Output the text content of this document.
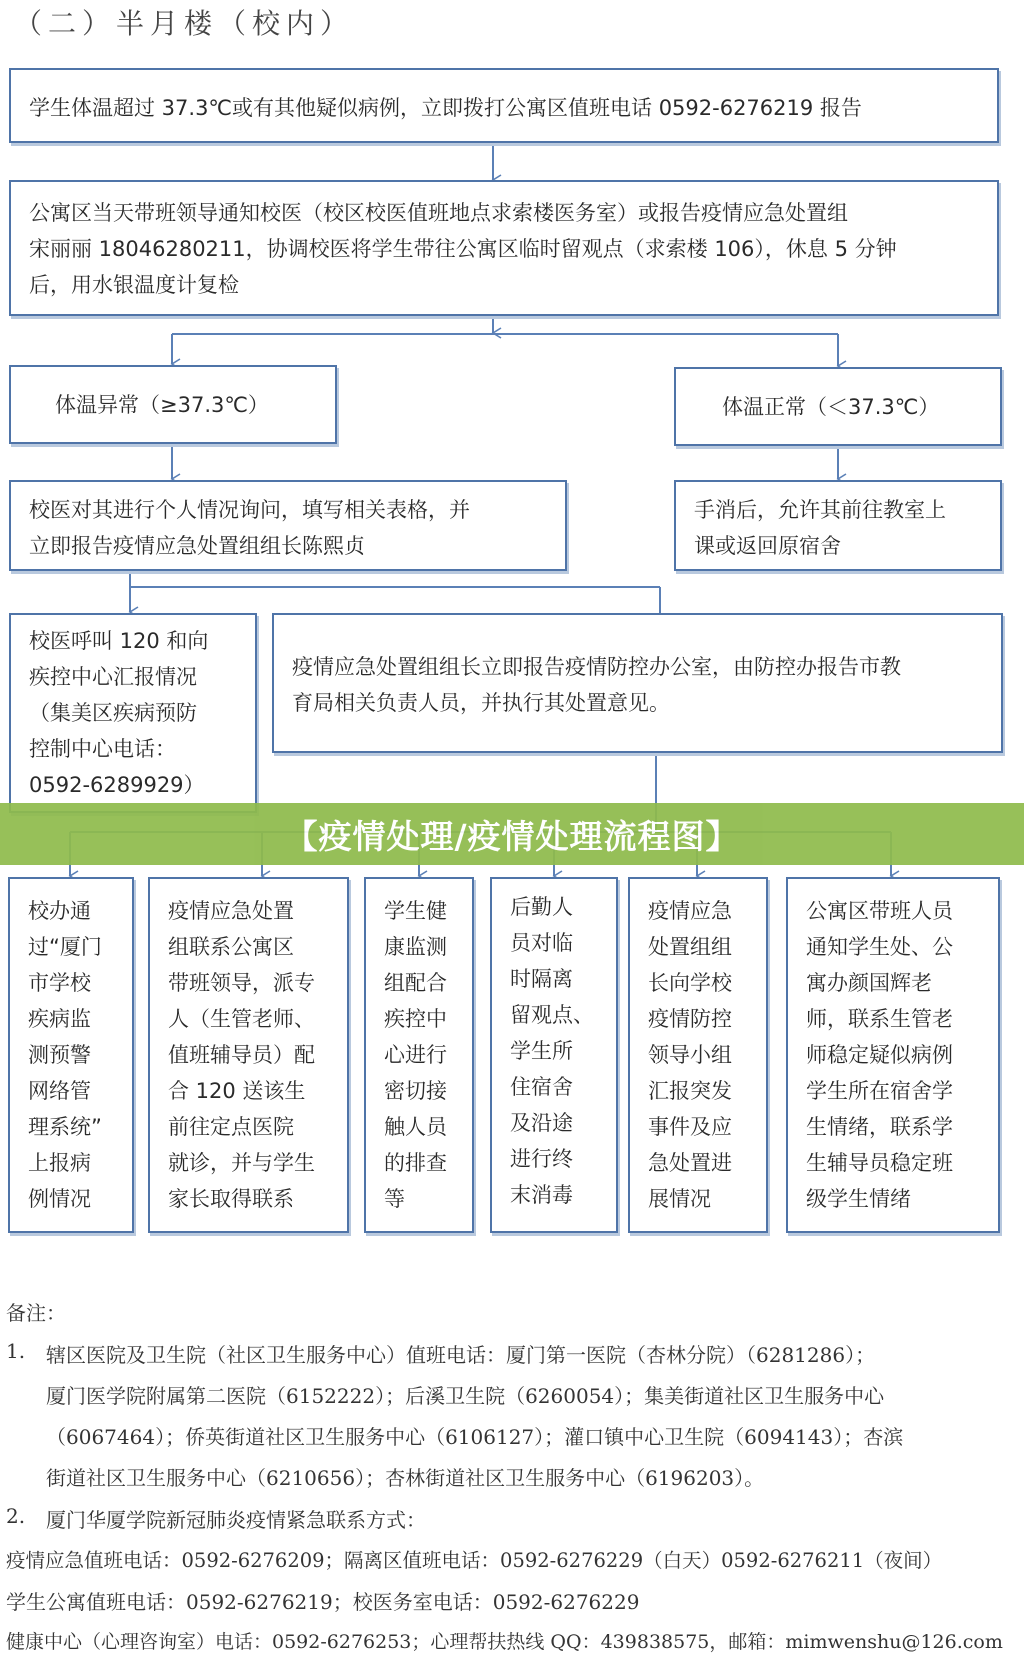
（二）半月楼（校内）
学生体温超过 37.3℃或有其他疑似病例，立即拨打公寓区值班电话 0592-6276219 报告
公寓区当天带班领导通知校医（校区校医值班地点求索楼医务室）或报告疫情应急处置组
宋丽丽 18046280211，协调校医将学生带往公寓区临时留观点（求索楼 106），休息 5 分钟
后，用水银温度计复检
体温异常（≥37.3℃）	体温正常（＜37.3℃）
校医对其进行个人情况询问，填写相关表格，并
立即报告疫情应急处置组组长陈熙贞
手消后，允许其前往教室上
课或返回原宿舍
校医呼叫 120 和向
疾控中心汇报情况
（集美区疾病预防
控制中心电话：
0592-6289929）
疫情应急处置组组长立即报告疫情防控办公室，由防控办报告市教
育局相关负责人员，并执行其处置意见。
校办通
过“厦门
市学校
疾病监
测预警
网络管
理系统”
上报病
例情况
疫情应急处置
组联系公寓区
带班领导，派专
人（生管老师、
值班辅导员）配
合 120 送该生
前往定点医院
就诊，并与学生
家长取得联系
学生健
康监测
组配合
疾控中
心进行
密切接
触人员
的排查
等
后勤人
员对临
时隔离
留观点、
学生所
住宿舍
及沿途
进行终
末消毒
疫情应急
处置组组
长向学校
疫情防控
领导小组
汇报突发
事件及应
急处置进
展情况
公寓区带班人员
通知学生处、公
寓办颜国辉老
师，联系生管老
师稳定疑似病例
学生所在宿舍学
生情绪，联系学
生辅导员稳定班
级学生情绪
【疫情处理/疫情处理流程图】
备注：
1. 辖区医院及卫生院（社区卫生服务中心）值班电话：厦门第一医院（杏林分院）（6281286）；
厦门医学院附属第二医院（6152222）；后溪卫生院（6260054）；集美街道社区卫生服务中心
（6067464）；侨英街道社区卫生服务中心（6106127）；灌口镇中心卫生院（6094143）；杏滨
街道社区卫生服务中心（6210656）；杏林街道社区卫生服务中心（6196203）。
2. 厦门华厦学院新冠肺炎疫情紧急联系方式：
疫情应急值班电话：0592-6276209；隔离区值班电话：0592-6276229（白天）0592-6276211（夜间）
学生公寓值班电话：0592-6276219；校医务室电话：0592-6276229
健康中心（心理咨询室）电话：0592-6276253；心理帮扶热线 QQ：439838575，邮箱：mimwenshu@126.com
